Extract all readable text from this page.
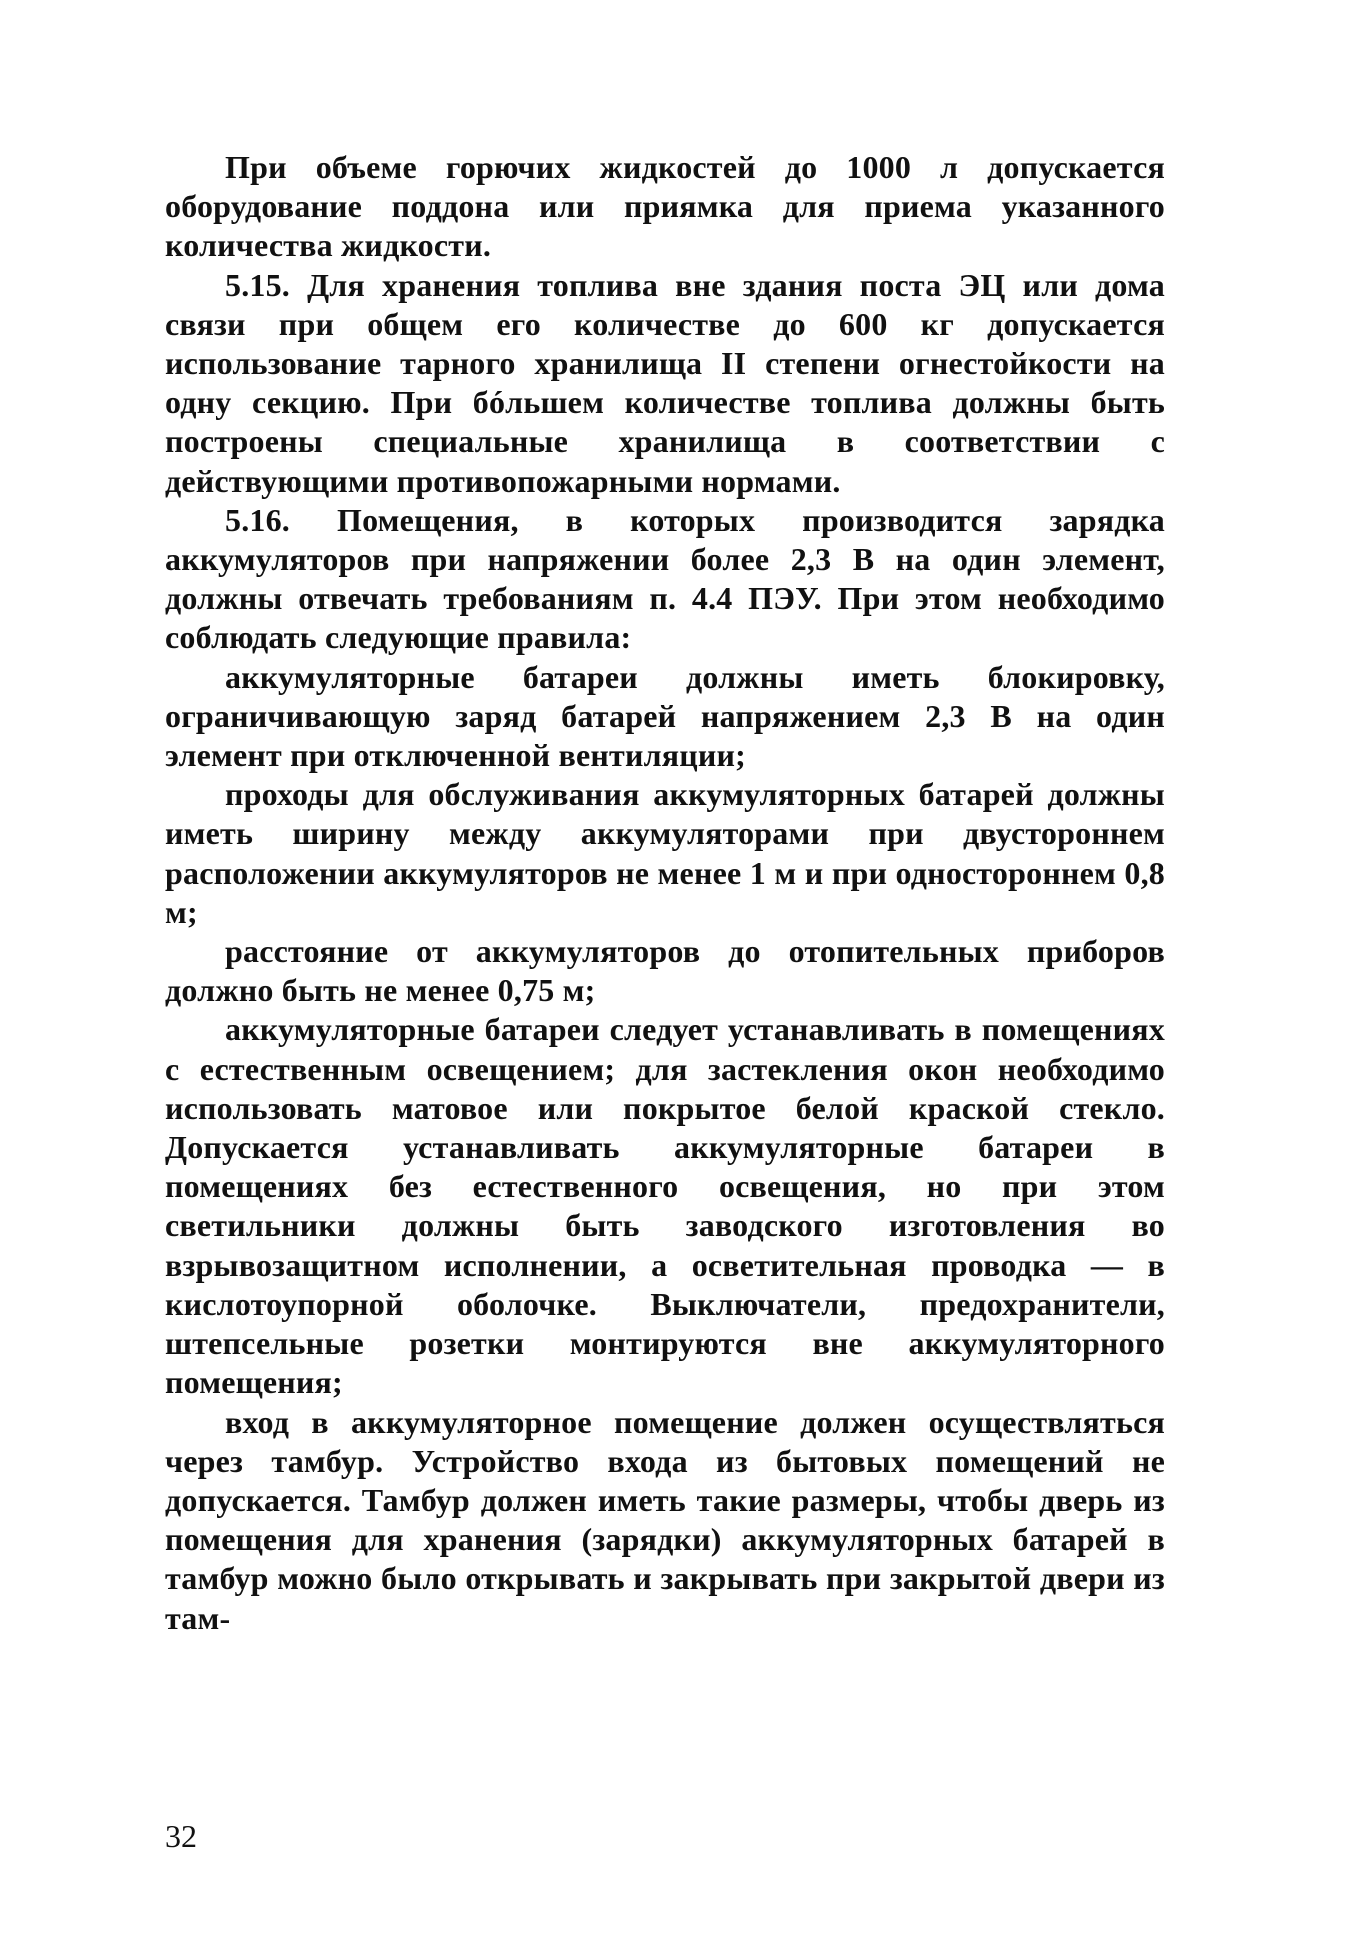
При объеме горючих жидкостей до 1000 л допускается оборудование поддона или приямка для приема указанного количества жидкости.

5.15. Для хранения топлива вне здания поста ЭЦ или дома связи при общем его количестве до 600 кг допускается использование тарного хранилища II степени огнестойкости на одну секцию. При бóльшем количестве топлива должны быть построены специальные хранилища в соответствии с действующими противопожарными нормами.

5.16. Помещения, в которых производится зарядка аккумуляторов при напряжении более 2,3 В на один элемент, должны отвечать требованиям п. 4.4 ПЭУ. При этом необходимо соблюдать следующие правила:

аккумуляторные батареи должны иметь блокировку, ограничивающую заряд батарей напряжением 2,3 В на один элемент при отключенной вентиляции;

проходы для обслуживания аккумуляторных батарей должны иметь ширину между аккумуляторами при двустороннем расположении аккумуляторов не менее 1 м и при одностороннем 0,8 м;

расстояние от аккумуляторов до отопительных приборов должно быть не менее 0,75 м;

аккумуляторные батареи следует устанавливать в помещениях с естественным освещением; для застекления окон необходимо использовать матовое или покрытое белой краской стекло. Допускается устанавливать аккумуляторные батареи в помещениях без естественного освещения, но при этом светильники должны быть заводского изготовления во взрывозащитном исполнении, а осветительная проводка — в кислотоупорной оболочке. Выключатели, предохранители, штепсельные розетки монтируются вне аккумуляторного помещения;

вход в аккумуляторное помещение должен осуществляться через тамбур. Устройство входа из бытовых помещений не допускается. Тамбур должен иметь такие размеры, чтобы дверь из помещения для хранения (зарядки) аккумуляторных батарей в тамбур можно было открывать и закрывать при закрытой двери из там-

32
